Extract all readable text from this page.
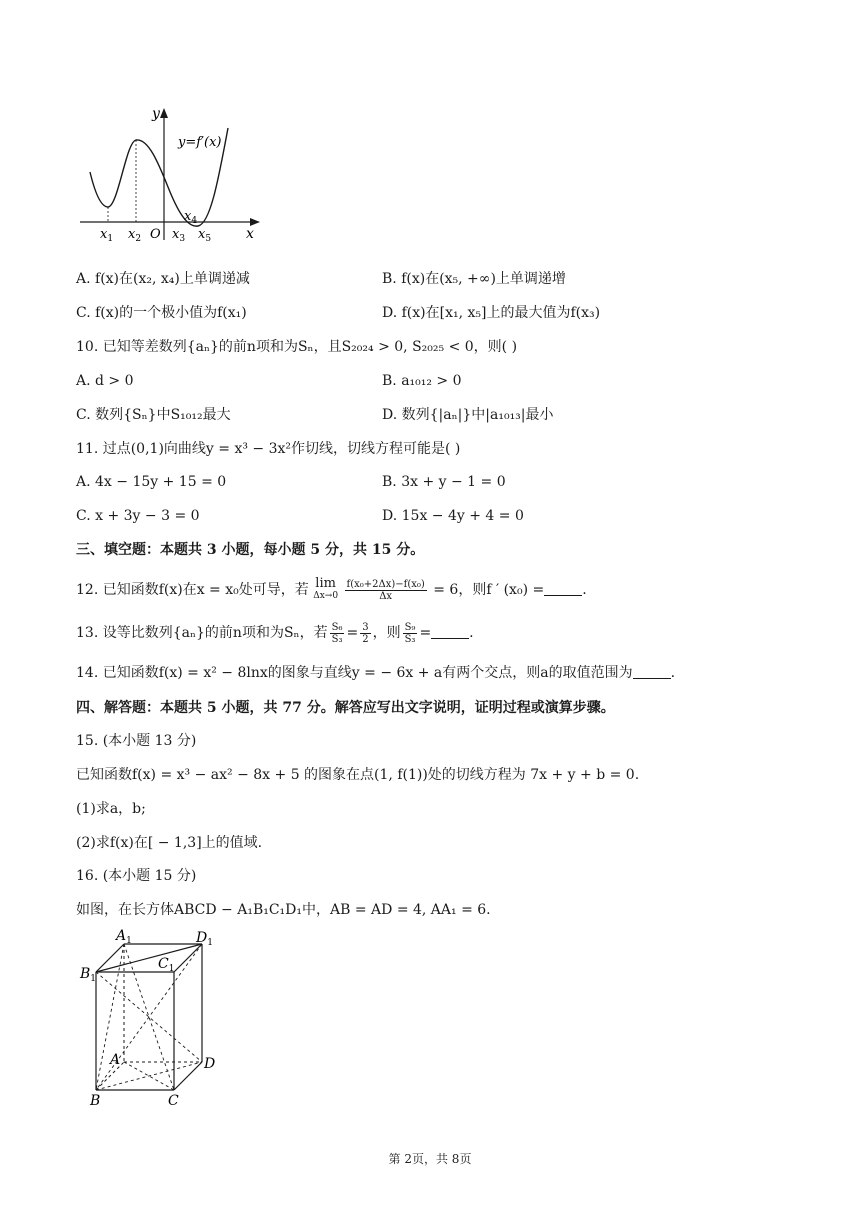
y
y=f′(x)
x
O
$x_1$ $x_2$ $x_3$
$x_4$
$x_5$
A. f(x)在(x₂, x₄)上单调递减	B. f(x)在(x₅, +∞)上单调递增
C. f(x)的一个极小值为f(x₁)	D. f(x)在[x₁, x₅]上的最大值为f(x₃)
10. 已知等差数列{aₙ}的前n项和为Sₙ，且S₂₀₂₄ > 0, S₂₀₂₅ < 0，则( )
A. d > 0	B. a₁₀₁₂ > 0
C. 数列{Sₙ}中S₁₀₁₂最大	D. 数列{|aₙ|}中|a₁₀₁₃|最小
11. 过点(0,1)向曲线y = x³ − 3x²作切线，切线方程可能是( )
A. 4x − 15y + 15 = 0	B. 3x + y − 1 = 0
C. x + 3y − 3 = 0	D. 15x − 4y + 4 = 0
三、填空题：本题共 3 小题，每小题 5 分，共 15 分。
12. 已知函数f(x)在x = x₀处可导，若 lim
Δx→0
$\frac{\text{f(x₀+2Δx)−f(x₀)}}{\Delta x} = 6$，则f ′ (x₀) =	.
13. 设等比数列{aₙ}的前n项和为Sₙ，若 $\frac{\text{S₆}}{\text{S₃}} = \frac{3}{2}$ ，则 $\frac{\text{S₉}}{\text{S₃}}$ =	.
14. 已知函数f(x) = x² − 8lnx的图象与直线y = − 6x + a有两个交点，则a的取值范围为	.
四、解答题：本题共 5 小题，共 77 分。解答应写出文字说明，证明过程或演算步骤。
15. (本小题 13 分)
已知函数f(x) = x³ − ax² − 8x + 5 的图象在点(1, f(1))处的切线方程为 7x + y + b = 0.
(1)求a，b;
(2)求f(x)在[ − 1,3]上的值域.
16. (本小题 15 分)
如图，在长方体ABCD − A₁B₁C₁D₁中，AB = AD = 4, AA₁ = 6.
$A_1$	$D_1$
$B_1$
$C_1$
A	D
B	C
第 2页，共 8页
